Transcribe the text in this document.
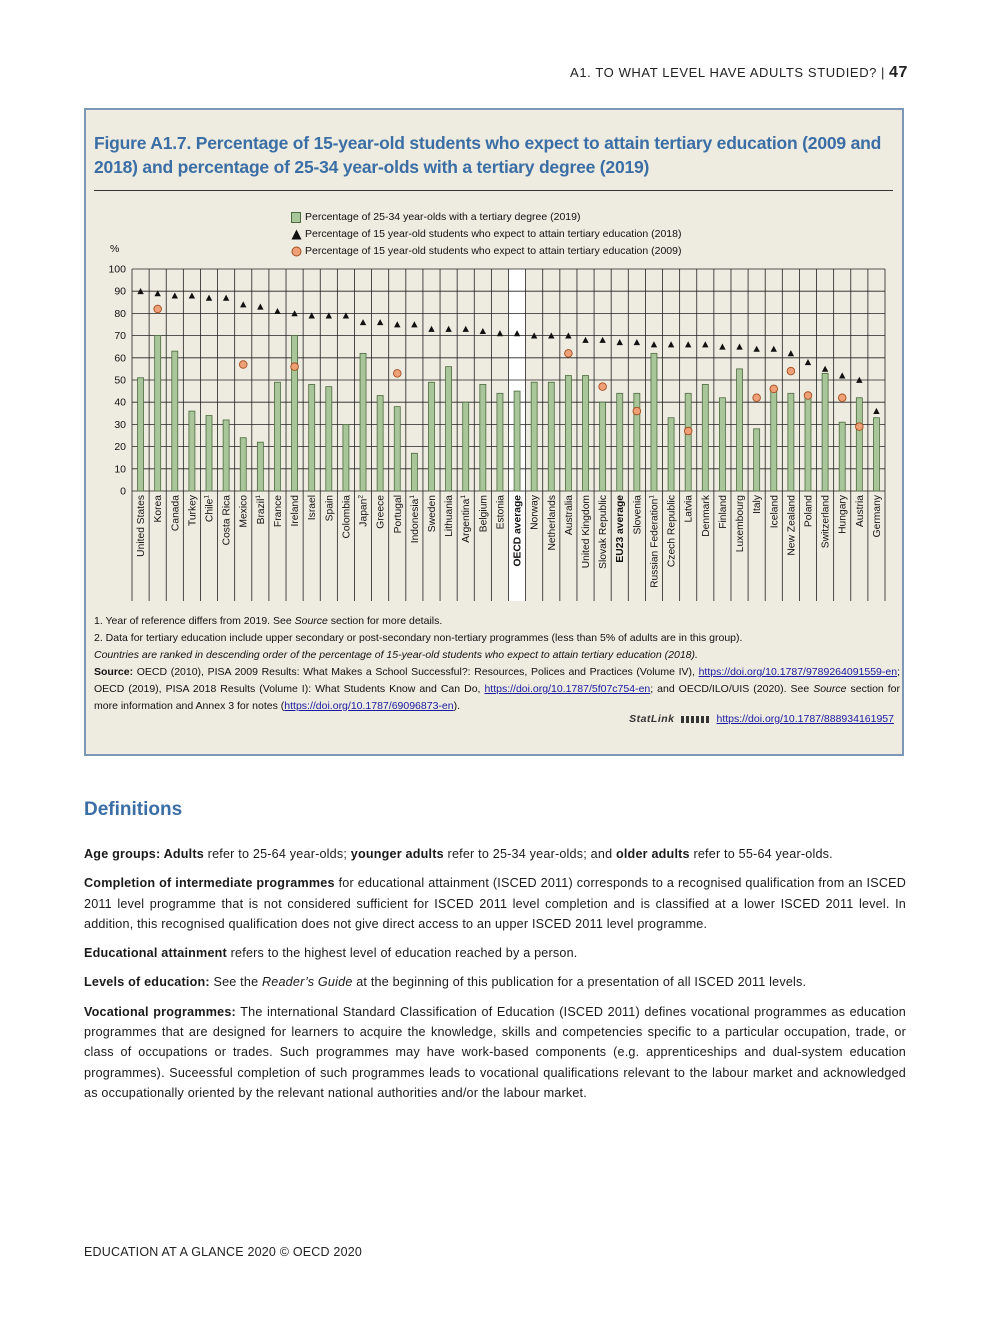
A1. TO WHAT LEVEL HAVE ADULTS STUDIED? | 47
Figure A1.7. Percentage of 15-year-old students who expect to attain tertiary education (2009 and 2018) and percentage of 25-34 year-olds with a tertiary degree (2019)
Percentage of 25-34 year-olds with a tertiary degree (2019)
Percentage of 15 year-old students who expect to attain tertiary education (2018)
Percentage of 15 year-old students who expect to attain tertiary education (2009)
0
10
20
30
40
50
60
70
80
90
100
%
United States Korea Canada Turkey Chile$^1$	Costa Rica Mexico Brazil$^1$	France Ireland Israel Spain Colombia Japan$^2$	Greece Portugal Indonesia$^1$	Sweden Lithuania Argentina$^1$	Belgium Estonia OECD average Norway Netherlands Australia United Kingdom Slovak Republic EU23 average Slovenia Russian Federation$^1$	Czech Republic Latvia Denmark Finland Luxembourg Italy Iceland New Zealand Poland Switzerland Hungary Austria Germany

1. Year of reference differs from 2019. See Source section for more details.

2. Data for tertiary education include upper secondary or post-secondary non-tertiary programmes (less than 5% of adults are in this group).

Countries are ranked in descending order of the percentage of 15-year-old students who expect to attain tertiary education (2018).

Source: OECD (2010), PISA 2009 Results: What Makes a School Successful?: Resources, Polices and Practices (Volume IV), https://doi.org/10.1787/9789264091559-en; OECD (2019), PISA 2018 Results (Volume I): What Students Know and Can Do, https://doi.org/10.1787/5f07c754-en; and OECD/ILO/UIS (2020). See Source section for more information and Annex 3 for notes (https://doi.org/10.1787/69096873-en).

StatLink	https://doi.org/10.1787/888934161957
Definitions

Age groups: Adults refer to 25-64 year-olds; younger adults refer to 25-34 year-olds; and older adults refer to 55-64 year-olds.

Completion of intermediate programmes for educational attainment (ISCED 2011) corresponds to a recognised qualification from an ISCED 2011 level programme that is not considered sufficient for ISCED 2011 level completion and is classified at a lower ISCED 2011 level. In addition, this recognised qualification does not give direct access to an upper ISCED 2011 level programme.

Educational attainment refers to the highest level of education reached by a person.

Levels of education: See the Reader’s Guide at the beginning of this publication for a presentation of all ISCED 2011 levels.

Vocational programmes: The international Standard Classification of Education (ISCED 2011) defines vocational programmes as education programmes that are designed for learners to acquire the knowledge, skills and competencies specific to a particular occupation, trade, or class of occupations or trades. Such programmes may have work-based components (e.g. apprenticeships and dual-system education programmes). Suceessful completion of such programmes leads to vocational qualifications relevant to the labour market and acknowledged as occupationally oriented by the relevant national authorities and/or the labour market.

EDUCATION AT A GLANCE 2020 © OECD 2020
